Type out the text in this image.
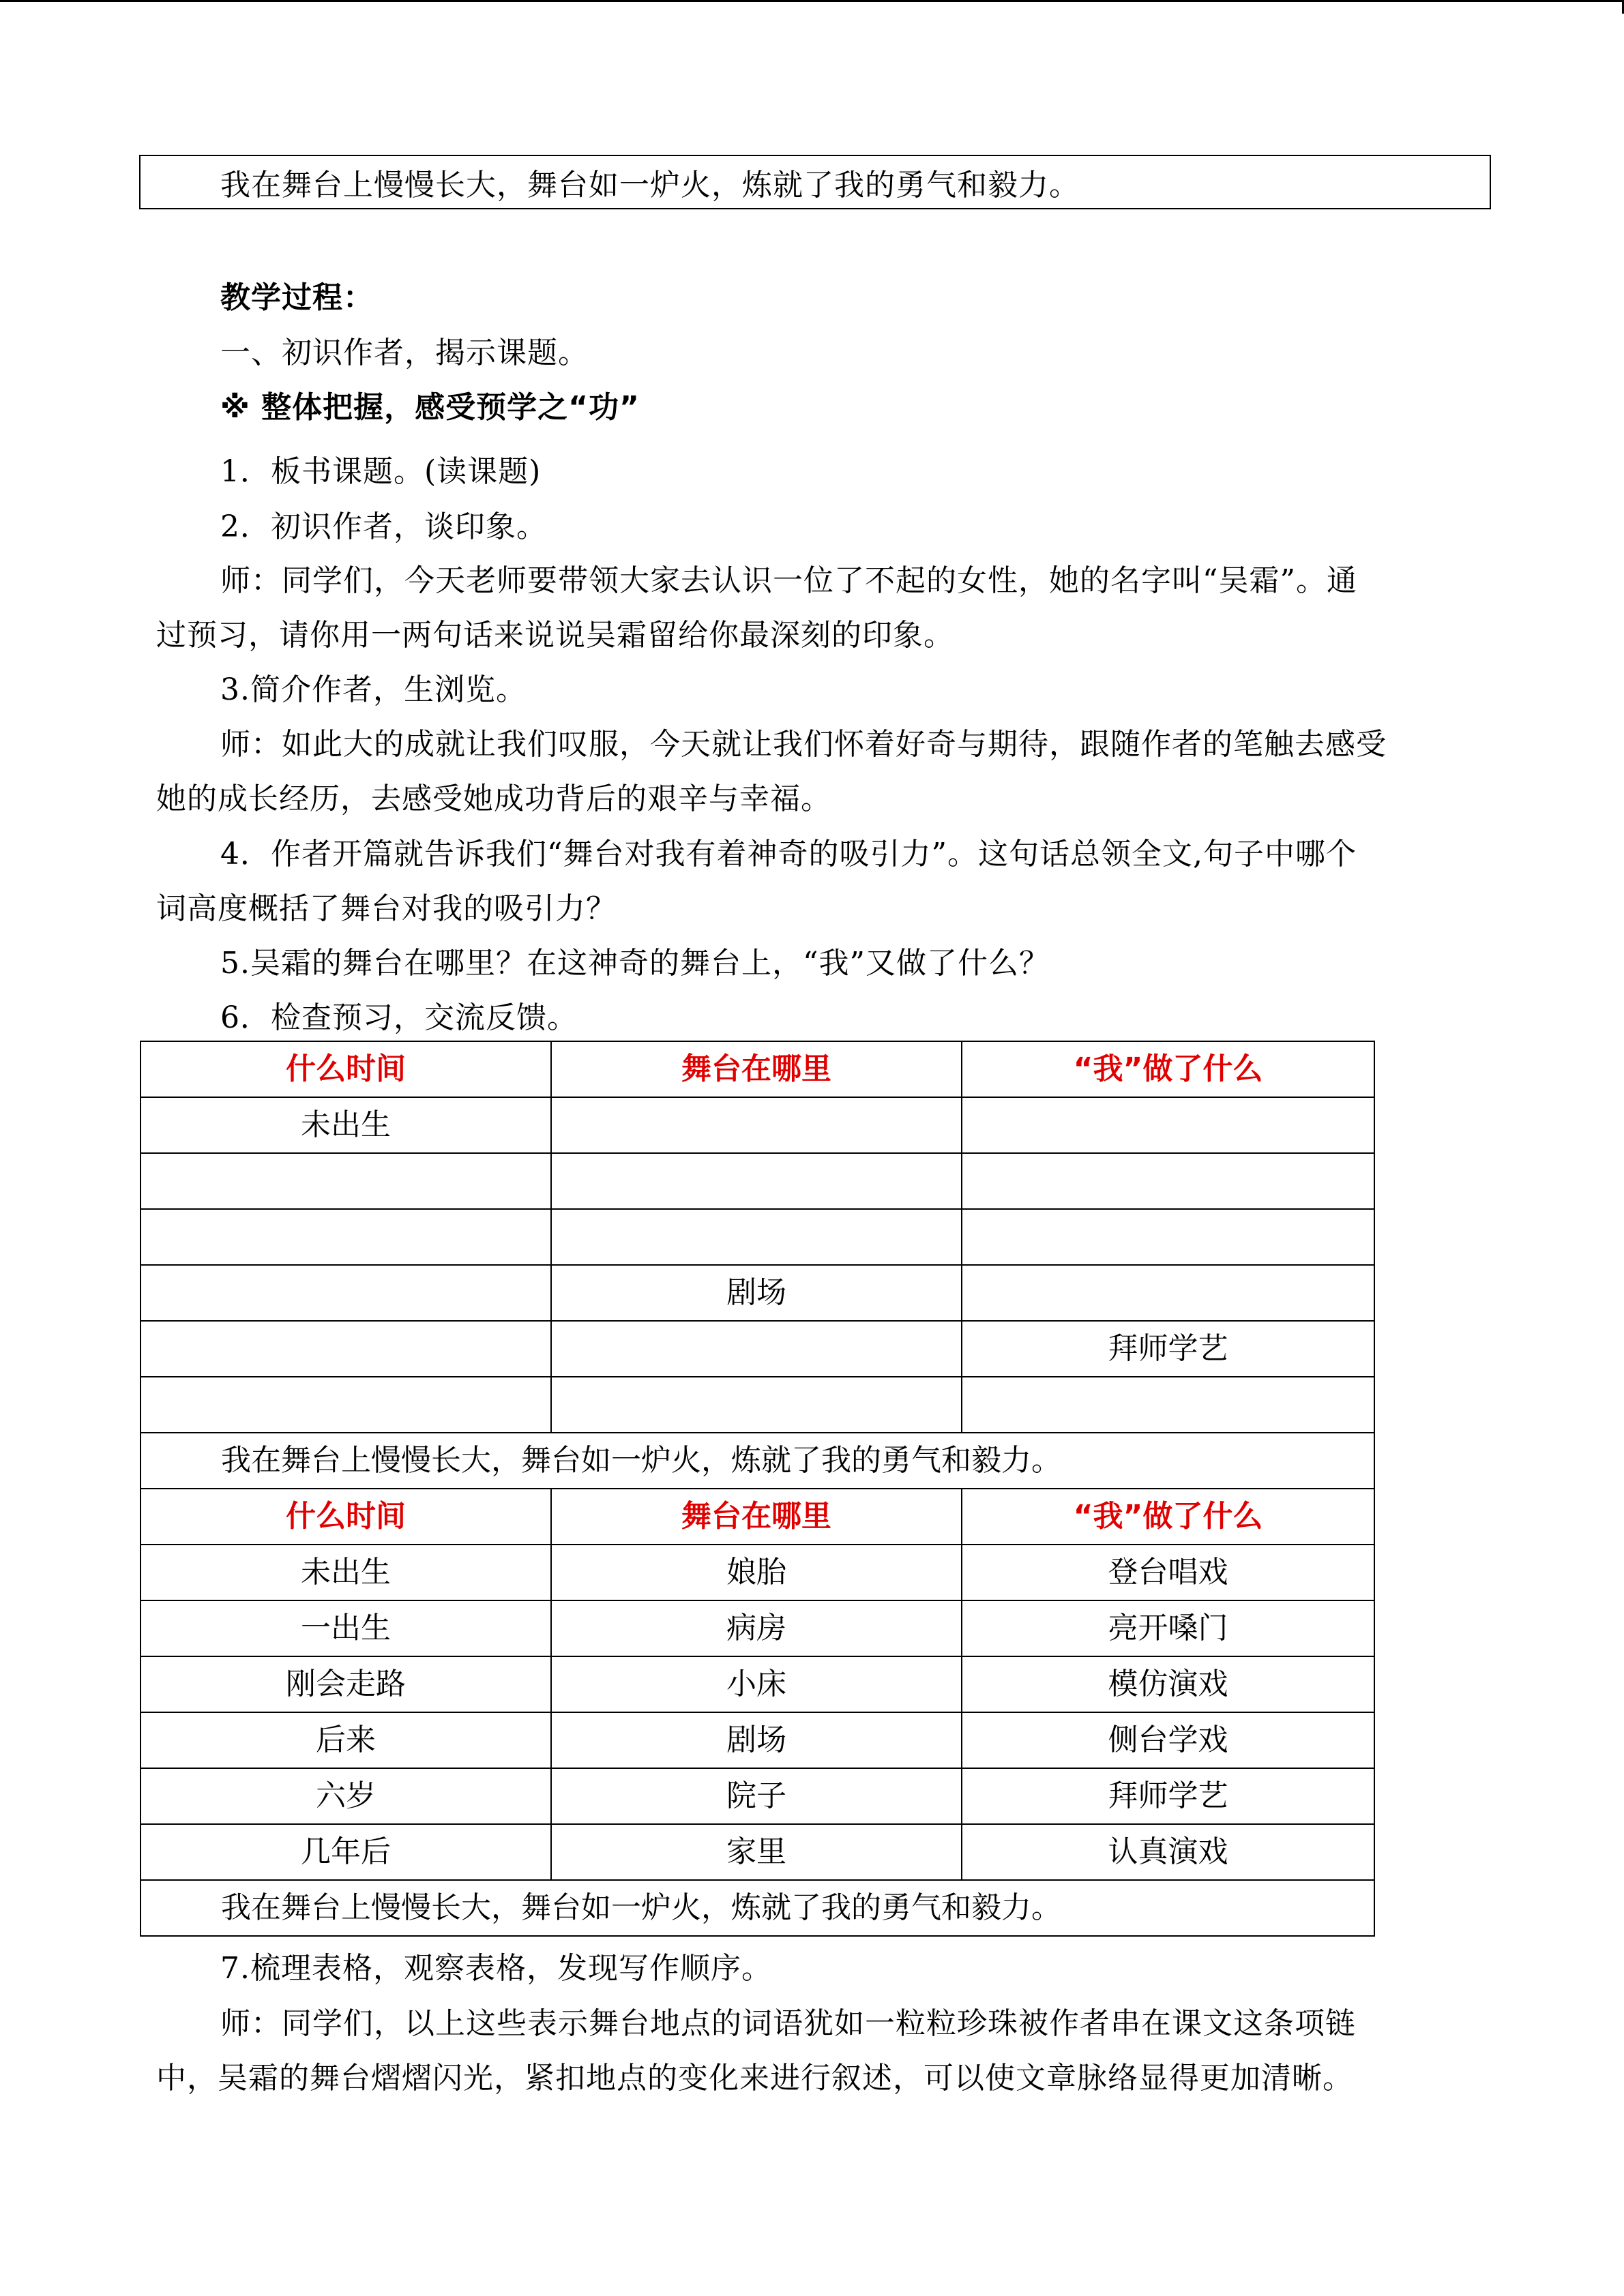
我在舞台上慢慢长大，舞台如一炉火，炼就了我的勇气和毅力。
教学过程：
一、初识作者，揭示课题。
※ 整体把握，感受预学之“功”
1．板书课题。(读课题)
2．初识作者，谈印象。
师：同学们，今天老师要带领大家去认识一位了不起的女性，她的名字叫“吴霜”。通
过预习，请你用一两句话来说说吴霜留给你最深刻的印象。
3.简介作者，生浏览。
师：如此大的成就让我们叹服，今天就让我们怀着好奇与期待，跟随作者的笔触去感受
她的成长经历，去感受她成功背后的艰辛与幸福。
4．作者开篇就告诉我们“舞台对我有着神奇的吸引力”。这句话总领全文,句子中哪个
词高度概括了舞台对我的吸引力？
5.吴霜的舞台在哪里？在这神奇的舞台上，“我”又做了什么？
6．检查预习，交流反馈。
什么时间	舞台在哪里	“我”做了什么
未出生		

	剧场	
		拜师学艺

我在舞台上慢慢长大，舞台如一炉火，炼就了我的勇气和毅力。		
什么时间	舞台在哪里	“我”做了什么
未出生	娘胎	登台唱戏
一出生	病房	亮开嗓门
刚会走路	小床	模仿演戏
后来	剧场	侧台学戏
六岁	院子	拜师学艺
几年后	家里	认真演戏
我在舞台上慢慢长大，舞台如一炉火，炼就了我的勇气和毅力。		
7.梳理表格，观察表格，发现写作顺序。
师：同学们，以上这些表示舞台地点的词语犹如一粒粒珍珠被作者串在课文这条项链
中，吴霜的舞台熠熠闪光，紧扣地点的变化来进行叙述，可以使文章脉络显得更加清晰。
